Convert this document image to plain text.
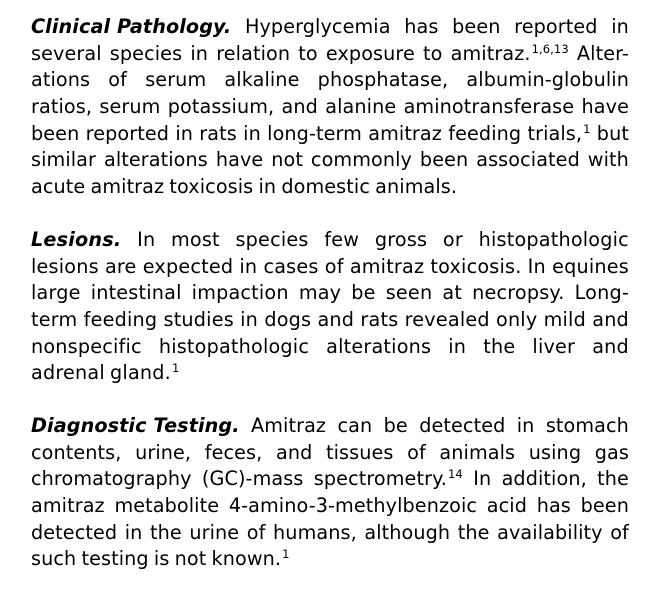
Clinical Pathology. Hyperglycemia has been reported in
several species in relation to exposure to amitraz.$^{1,6,13}$ Alter-
ations of serum alkaline phosphatase, albumin-globulin
ratios, serum potassium, and alanine aminotransferase have
been reported in rats in long-term amitraz feeding trials,$^1$ but
similar alterations have not commonly been associated with
acute amitraz toxicosis in domestic animals.
Lesions. In most species few gross or histopathologic
lesions are expected in cases of amitraz toxicosis. In equines
large intestinal impaction may be seen at necropsy. Long-
term feeding studies in dogs and rats revealed only mild and
nonspecific histopathologic alterations in the liver and
adrenal gland.$^1$
Diagnostic Testing. Amitraz can be detected in stomach
contents, urine, feces, and tissues of animals using gas
chromatography (GC)-mass spectrometry.$^{14}$ In addition, the
amitraz metabolite 4-amino-3-methylbenzoic acid has been
detected in the urine of humans, although the availability of
such testing is not known.$^1$
